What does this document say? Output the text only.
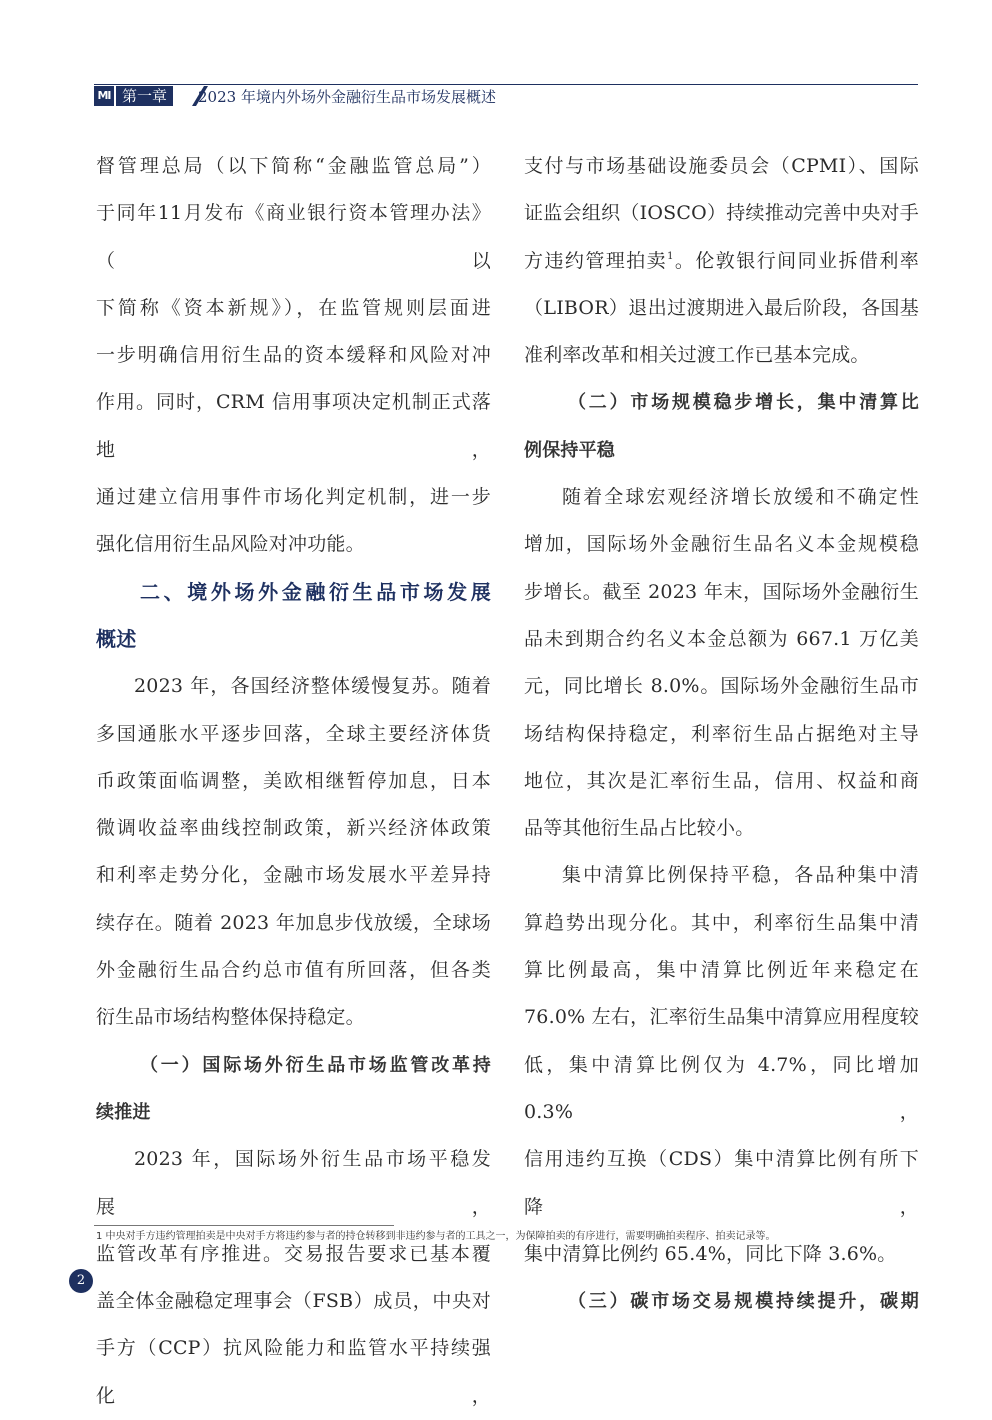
MI 第一章	2023 年境内外场外金融衍生品市场发展概述

督管理总局（以下简称“金融监管总局”）

于同年11月发布《商业银行资本管理办法》（以

下简称《资本新规》），在监管规则层面进

一步明确信用衍生品的资本缓释和风险对冲

作用。同时，CRM 信用事项决定机制正式落地，

通过建立信用事件市场化判定机制，进一步

强化信用衍生品风险对冲功能。

二、境外场外金融衍生品市场发展

概述

2023 年，各国经济整体缓慢复苏。随着

多国通胀水平逐步回落，全球主要经济体货

币政策面临调整，美欧相继暂停加息，日本

微调收益率曲线控制政策，新兴经济体政策

和利率走势分化，金融市场发展水平差异持

续存在。随着 2023 年加息步伐放缓，全球场

外金融衍生品合约总市值有所回落，但各类

衍生品市场结构整体保持稳定。

（一）国际场外衍生品市场监管改革持

续推进

2023 年，国际场外衍生品市场平稳发展，

监管改革有序推进。交易报告要求已基本覆

盖全体金融稳定理事会（FSB）成员，中央对

手方（CCP）抗风险能力和监管水平持续强化，

支付与市场基础设施委员会（CPMI）、国际

证监会组织（IOSCO）持续推动完善中央对手

方违约管理拍卖$^1$。伦敦银行间同业拆借利率

（LIBOR）退出过渡期进入最后阶段，各国基

准利率改革和相关过渡工作已基本完成。

（二）市场规模稳步增长，集中清算比

例保持平稳

随着全球宏观经济增长放缓和不确定性

增加，国际场外金融衍生品名义本金规模稳

步增长。截至 2023 年末，国际场外金融衍生

品未到期合约名义本金总额为 667.1 万亿美

元，同比增长 8.0%。国际场外金融衍生品市

场结构保持稳定，利率衍生品占据绝对主导

地位，其次是汇率衍生品，信用、权益和商

品等其他衍生品占比较小。

集中清算比例保持平稳，各品种集中清

算趋势出现分化。其中，利率衍生品集中清

算比例最高，集中清算比例近年来稳定在

76.0% 左右，汇率衍生品集中清算应用程度较

低，集中清算比例仅为 4.7%，同比增加 0.3%，

信用违约互换（CDS）集中清算比例有所下降，

集中清算比例约 65.4%，同比下降 3.6%。

（三）碳市场交易规模持续提升，碳期

1 中央对手方违约管理拍卖是中央对手方将违约参与者的持仓转移到非违约参与者的工具之一，为保障拍卖的有序进行，需要明确拍卖程序、拍卖记录等。
2
